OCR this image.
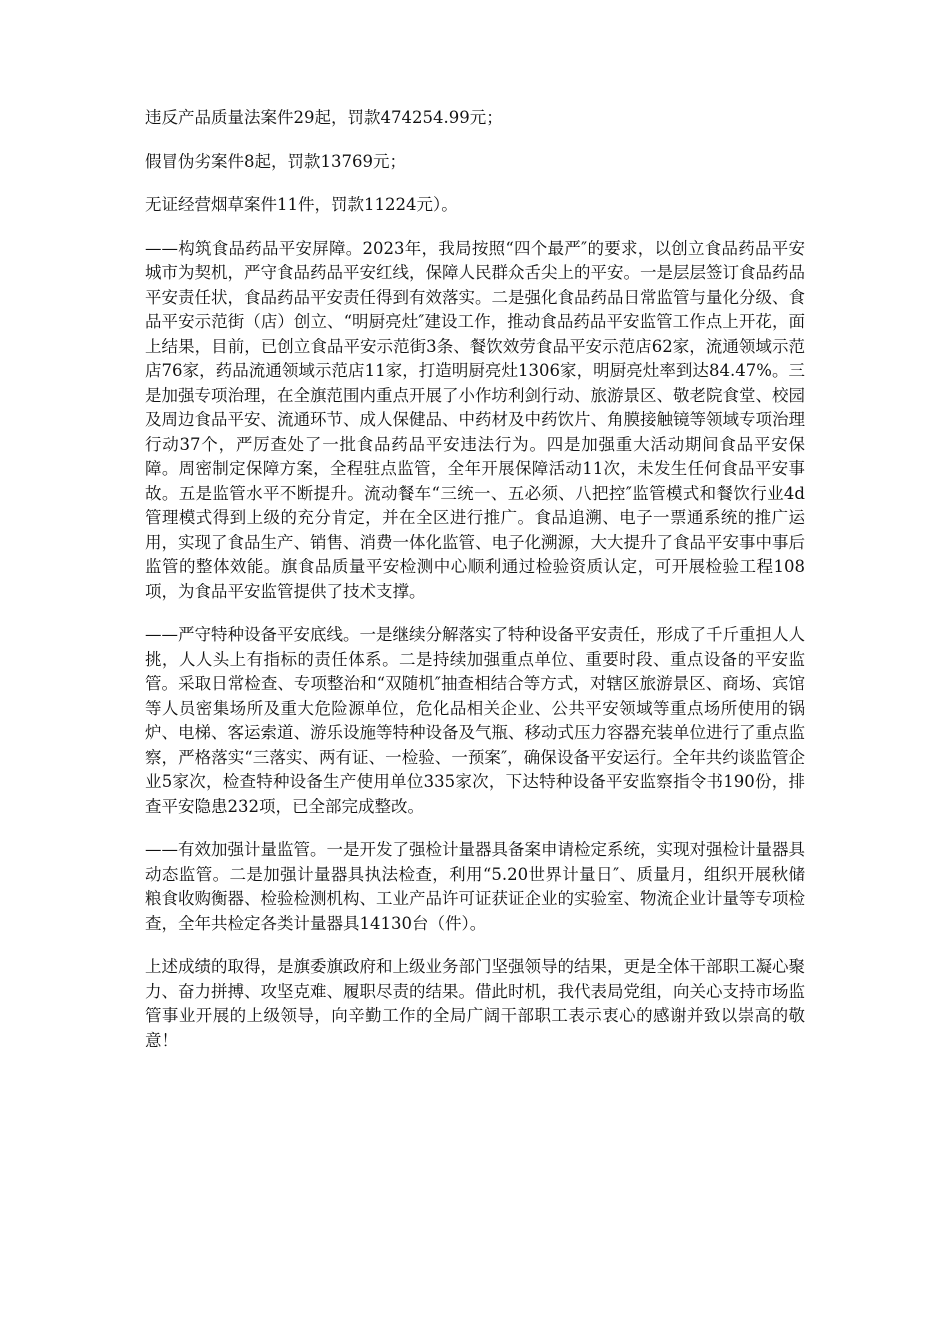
违反产品质量法案件29起，罚款474254.99元；

假冒伪劣案件8起，罚款13769元；

无证经营烟草案件11件，罚款11224元）。

——构筑食品药品平安屏障。2023年，我局按照“四个最严″的要求，以创立食品药品平安城市为契机，严守食品药品平安红线，保障人民群众舌尖上的平安。一是层层签订食品药品平安责任状，食品药品平安责任得到有效落实。二是强化食品药品日常监管与量化分级、食品平安示范街（店）创立、“明厨亮灶″建设工作，推动食品药品平安监管工作点上开花，面上结果，目前，已创立食品平安示范街3条、餐饮效劳食品平安示范店62家，流通领域示范店76家，药品流通领域示范店11家，打造明厨亮灶1306家，明厨亮灶率到达84.47%。三是加强专项治理，在全旗范围内重点开展了小作坊利剑行动、旅游景区、敬老院食堂、校园及周边食品平安、流通环节、成人保健品、中药材及中药饮片、角膜接触镜等领域专项治理行动37个，严厉查处了一批食品药品平安违法行为。四是加强重大活动期间食品平安保障。周密制定保障方案，全程驻点监管，全年开展保障活动11次，未发生任何食品平安事故。五是监管水平不断提升。流动餐车“三统一、五必须、八把控″监管模式和餐饮行业4d管理模式得到上级的充分肯定，并在全区进行推广。食品追溯、电子一票通系统的推广运用，实现了食品生产、销售、消费一体化监管、电子化溯源，大大提升了食品平安事中事后监管的整体效能。旗食品质量平安检测中心顺利通过检验资质认定，可开展检验工程108项，为食品平安监管提供了技术支撑。

——严守特种设备平安底线。一是继续分解落实了特种设备平安责任，形成了千斤重担人人挑，人人头上有指标的责任体系。二是持续加强重点单位、重要时段、重点设备的平安监管。采取日常检查、专项整治和“双随机″抽查相结合等方式，对辖区旅游景区、商场、宾馆等人员密集场所及重大危险源单位，危化品相关企业、公共平安领域等重点场所使用的锅炉、电梯、客运索道、游乐设施等特种设备及气瓶、移动式压力容器充装单位进行了重点监察，严格落实“三落实、两有证、一检验、一预案″，确保设备平安运行。全年共约谈监管企业5家次，检查特种设备生产使用单位335家次，下达特种设备平安监察指令书190份，排查平安隐患232项，已全部完成整改。

——有效加强计量监管。一是开发了强检计量器具备案申请检定系统，实现对强检计量器具动态监管。二是加强计量器具执法检查，利用“5.20世界计量日″、质量月，组织开展秋储粮食收购衡器、检验检测机构、工业产品许可证获证企业的实验室、物流企业计量等专项检查，全年共检定各类计量器具14130台（件）。

上述成绩的取得，是旗委旗政府和上级业务部门坚强领导的结果，更是全体干部职工凝心聚力、奋力拼搏、攻坚克难、履职尽责的结果。借此时机，我代表局党组，向关心支持市场监管事业开展的上级领导，向辛勤工作的全局广阔干部职工表示衷心的感谢并致以崇高的敬意！
